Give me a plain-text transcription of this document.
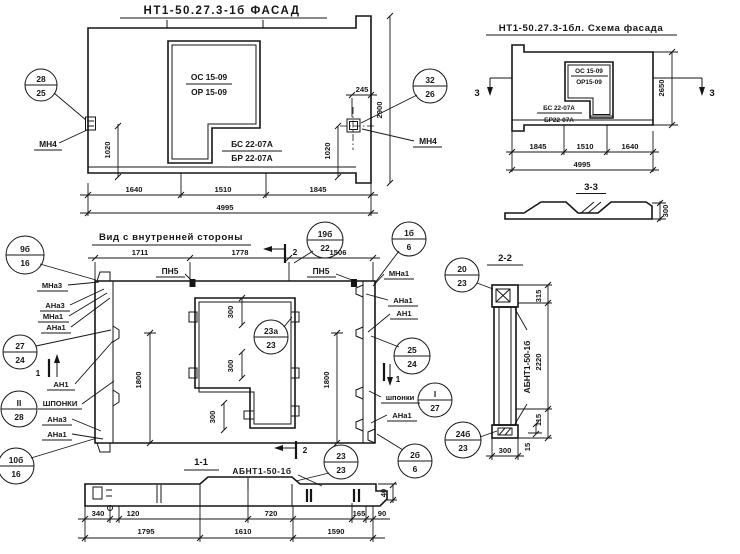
НТ1-50.27.3-1б ФАСАД
ОС 15-09
ОР 15-09
БС 22-07А
БР 22-07А
МН4	МН4
1640	1510	1845
4995
1020	1020
245
2900
НТ1-50.27.3-1бл. Схема фасада
ОС 15-09
ОР15-09
БС 22-07А
БР22-07А
3	3
2650
1845	1510	1640
4995
3-3
300
Вид с внутренней стороны
1711	1778	1506
ПН5	ПН5
2
2
1
1
МНа3
АНа3
МНа1
АНа1
АН1
ШПОНКИ
АНа3
АНа1
МНа1
АНа1
АН1
шпонки
АНа1
300
300
300
1800	1800
1-1
2-2
АБНТ1-50-1б
315
2220
115
15
300
АБНТ1-50-1б
340	120	720	165 90
40
1795	1610	1590
28
25
32
26
9б
16
27
24
II
28
10б
16
19б
22
1б
6
23а
23	25
24
I
27
20
23
24б
23
23
23
2б
6
